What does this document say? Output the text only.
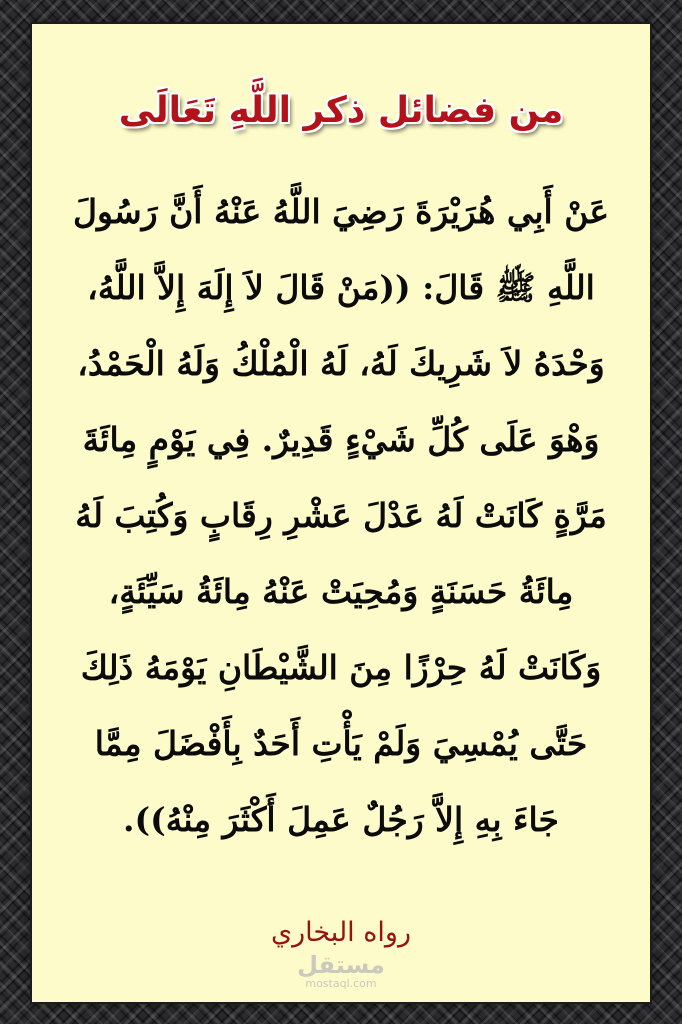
من فضائل ذكر اللَّهِ تَعَالَى

عَنْ أَبِي هُرَيْرَةَ رَضِيَ اللَّهُ عَنْهُ أَنَّ رَسُولَ اللَّهِ ﷺ قَالَ: ((مَنْ قَالَ لاَ إِلَهَ إِلاَّ اللَّهُ، وَحْدَهُ لاَ شَرِيكَ لَهُ، لَهُ الْمُلْكُ وَلَهُ الْحَمْدُ، وَهْوَ عَلَى كُلِّ شَيْءٍ قَدِيرٌ. فِي يَوْمٍ مِائَةَ مَرَّةٍ كَانَتْ لَهُ عَدْلَ عَشْرِ رِقَابٍ وَكُتِبَ لَهُ مِائَةُ حَسَنَةٍ وَمُحِيَتْ عَنْهُ مِائَةُ سَيِّئَةٍ، وَكَانَتْ لَهُ حِرْزًا مِنَ الشَّيْطَانِ يَوْمَهُ ذَلِكَ حَتَّى يُمْسِيَ وَلَمْ يَأْتِ أَحَدٌ بِأَفْضَلَ مِمَّا جَاءَ بِهِ إِلاَّ رَجُلٌ عَمِلَ أَكْثَرَ مِنْهُ)).

رواه البخاري

مستقل
mostaql.com
